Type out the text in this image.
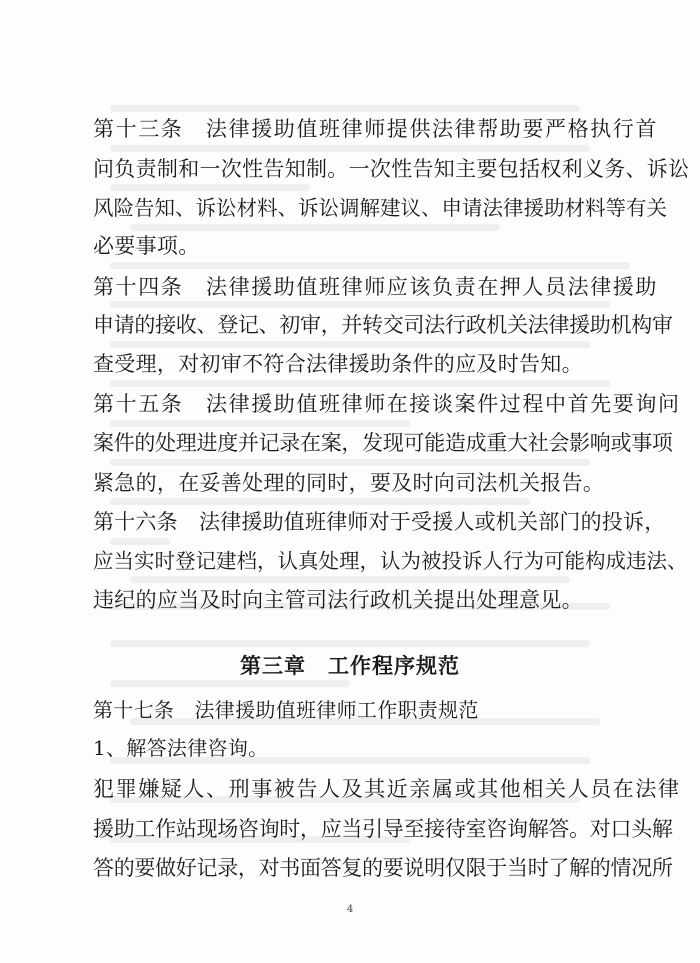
第十三条　法律援助值班律师提供法律帮助要严格执行首
问负责制和一次性告知制。一次性告知主要包括权利义务、诉讼
风险告知、诉讼材料、诉讼调解建议、申请法律援助材料等有关
必要事项。
第十四条　法律援助值班律师应该负责在押人员法律援助
申请的接收、登记、初审，并转交司法行政机关法律援助机构审
查受理，对初审不符合法律援助条件的应及时告知。
第十五条　法律援助值班律师在接谈案件过程中首先要询问
案件的处理进度并记录在案，发现可能造成重大社会影响或事项
紧急的，在妥善处理的同时，要及时向司法机关报告。
第十六条　法律援助值班律师对于受援人或机关部门的投诉，
应当实时登记建档，认真处理，认为被投诉人行为可能构成违法、
违纪的应当及时向主管司法行政机关提出处理意见。
第三章　工作程序规范
第十七条　法律援助值班律师工作职责规范
1、解答法律咨询。
犯罪嫌疑人、刑事被告人及其近亲属或其他相关人员在法律
援助工作站现场咨询时，应当引导至接待室咨询解答。对口头解
答的要做好记录，对书面答复的要说明仅限于当时了解的情况所
4
